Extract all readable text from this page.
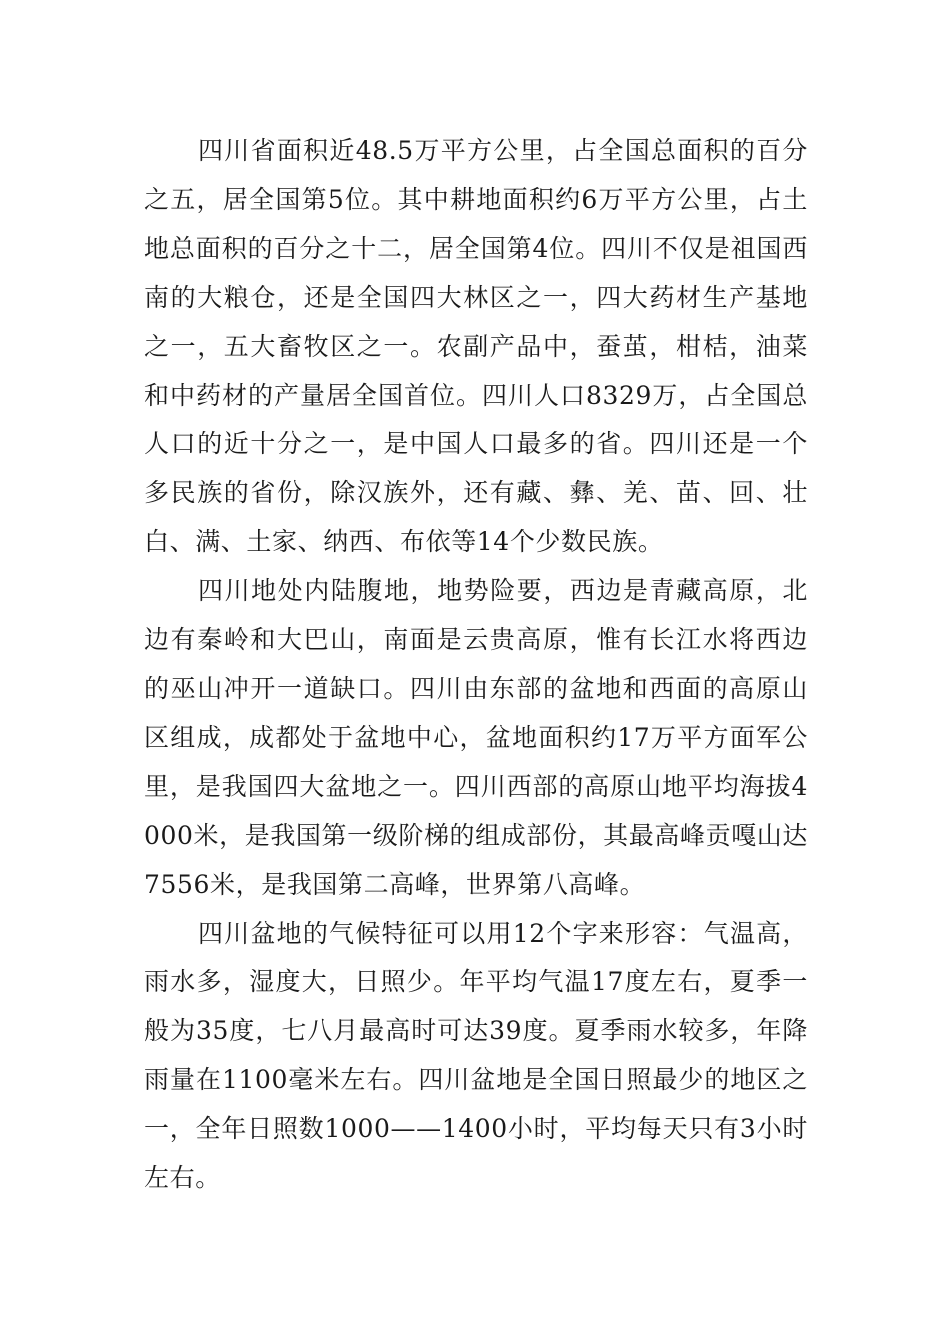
四川省面积近48.5万平方公里，占全国总面积的百分之五，居全国第5位。其中耕地面积约6万平方公里，占土地总面积的百分之十二，居全国第4位。四川不仅是祖国西南的大粮仓，还是全国四大林区之一，四大药材生产基地之一，五大畜牧区之一。农副产品中，蚕茧，柑桔，油菜和中药材的产量居全国首位。四川人口8329万，占全国总人口的近十分之一，是中国人口最多的省。四川还是一个多民族的省份，除汉族外，还有藏、彝、羌、苗、回、壮白、满、土家、纳西、布依等14个少数民族。

四川地处内陆腹地，地势险要，西边是青藏高原，北边有秦岭和大巴山，南面是云贵高原，惟有长江水将西边的巫山冲开一道缺口。四川由东部的盆地和西面的高原山区组成，成都处于盆地中心，盆地面积约17万平方面军公里，是我国四大盆地之一。四川西部的高原山地平均海拔4000米，是我国第一级阶梯的组成部份，其最高峰贡嘎山达7556米，是我国第二高峰，世界第八高峰。

四川盆地的气候特征可以用12个字来形容：气温高，雨水多，湿度大，日照少。年平均气温17度左右，夏季一般为35度，七八月最高时可达39度。夏季雨水较多，年降雨量在1100毫米左右。四川盆地是全国日照最少的地区之一，全年日照数1000——1400小时，平均每天只有3小时左右。
